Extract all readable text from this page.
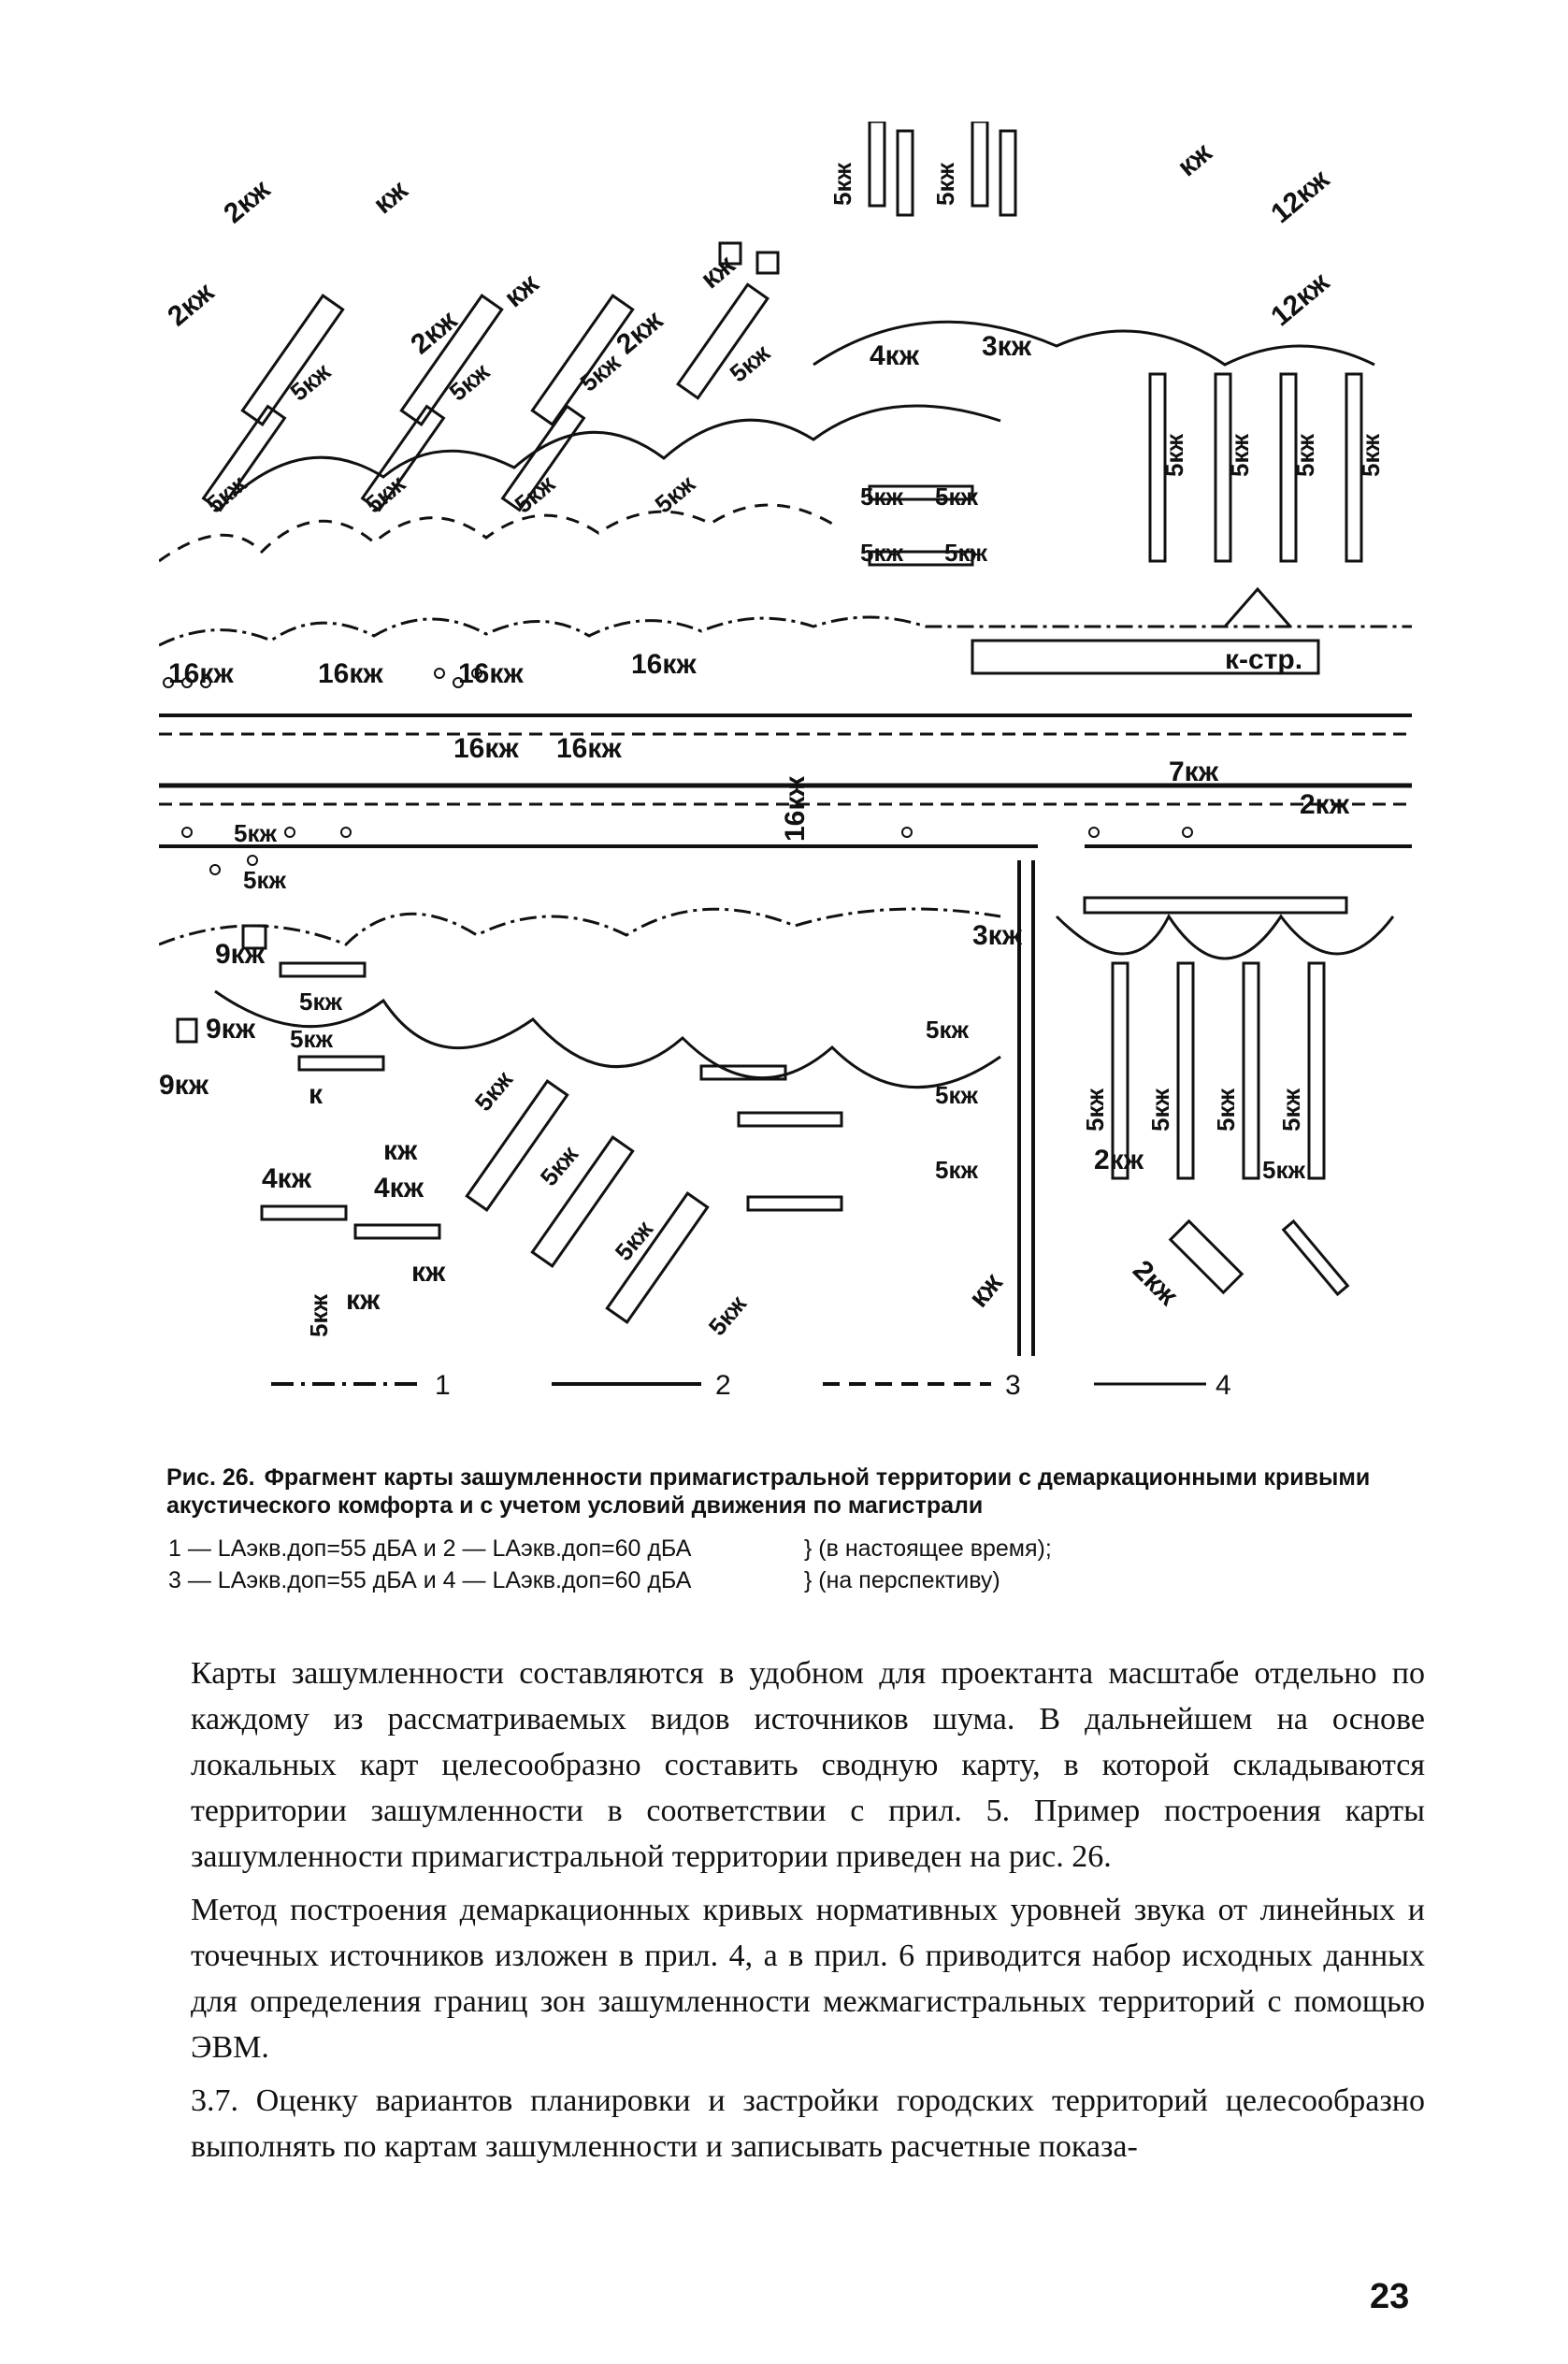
16кж	16кж	16кж	16кж
16кж 16кж
16кж
к-стр.
7кж
2кж
2кж
2кж
2кж
2кж	2кж
2кж
3кж
3кж
4кж
4кж 4кж
9кж
9кж
9кж
12кж
12кж
кж
кж	кж
кж
кж
кж
кж	кж
к
5кж	5кж	5кж	5кж
5кж	5кж	5кж	5кж	5кж 5кж
5кж 5кж
5кж 5кж 5кж 5кж
5кж	5кж
5кж
5кж
5кж
5кж	5кж
5кж
5кж	5кж
5кж 5кж 5кж 5кж
5кж
5кж
5кж
5кж
5кж
1	2	3	4
Рис. 26. Фрагмент карты зашумленности примагистральной территории с демаркационными кривыми акустического комфорта и с учетом условий движения по магистрали
1 — LAэкв.доп=55 дБА и 2 — LAэкв.доп=60 дБА	} (в настоящее время);
3 — LAэкв.доп=55 дБА и 4 — LAэкв.доп=60 дБА	} (на перспективу)

Карты зашумленности составляются в удобном для проектанта масштабе отдельно по каждому из рассматриваемых видов источников шума. В дальнейшем на основе локальных карт целесообразно составить сводную карту, в которой складываются территории зашумленности в соответствии с прил. 5. Пример построения карты зашумленности примагистральной территории приведен на рис. 26.

Метод построения демаркационных кривых нормативных уровней звука от линейных и точечных источников изложен в прил. 4, а в прил. 6 приводится набор исходных данных для определения границ зон зашумленности межмагистральных территорий с помощью ЭВМ.

3.7. Оценку вариантов планировки и застройки городских территорий целесообразно выполнять по картам зашумленности и записывать расчетные показа-

23
